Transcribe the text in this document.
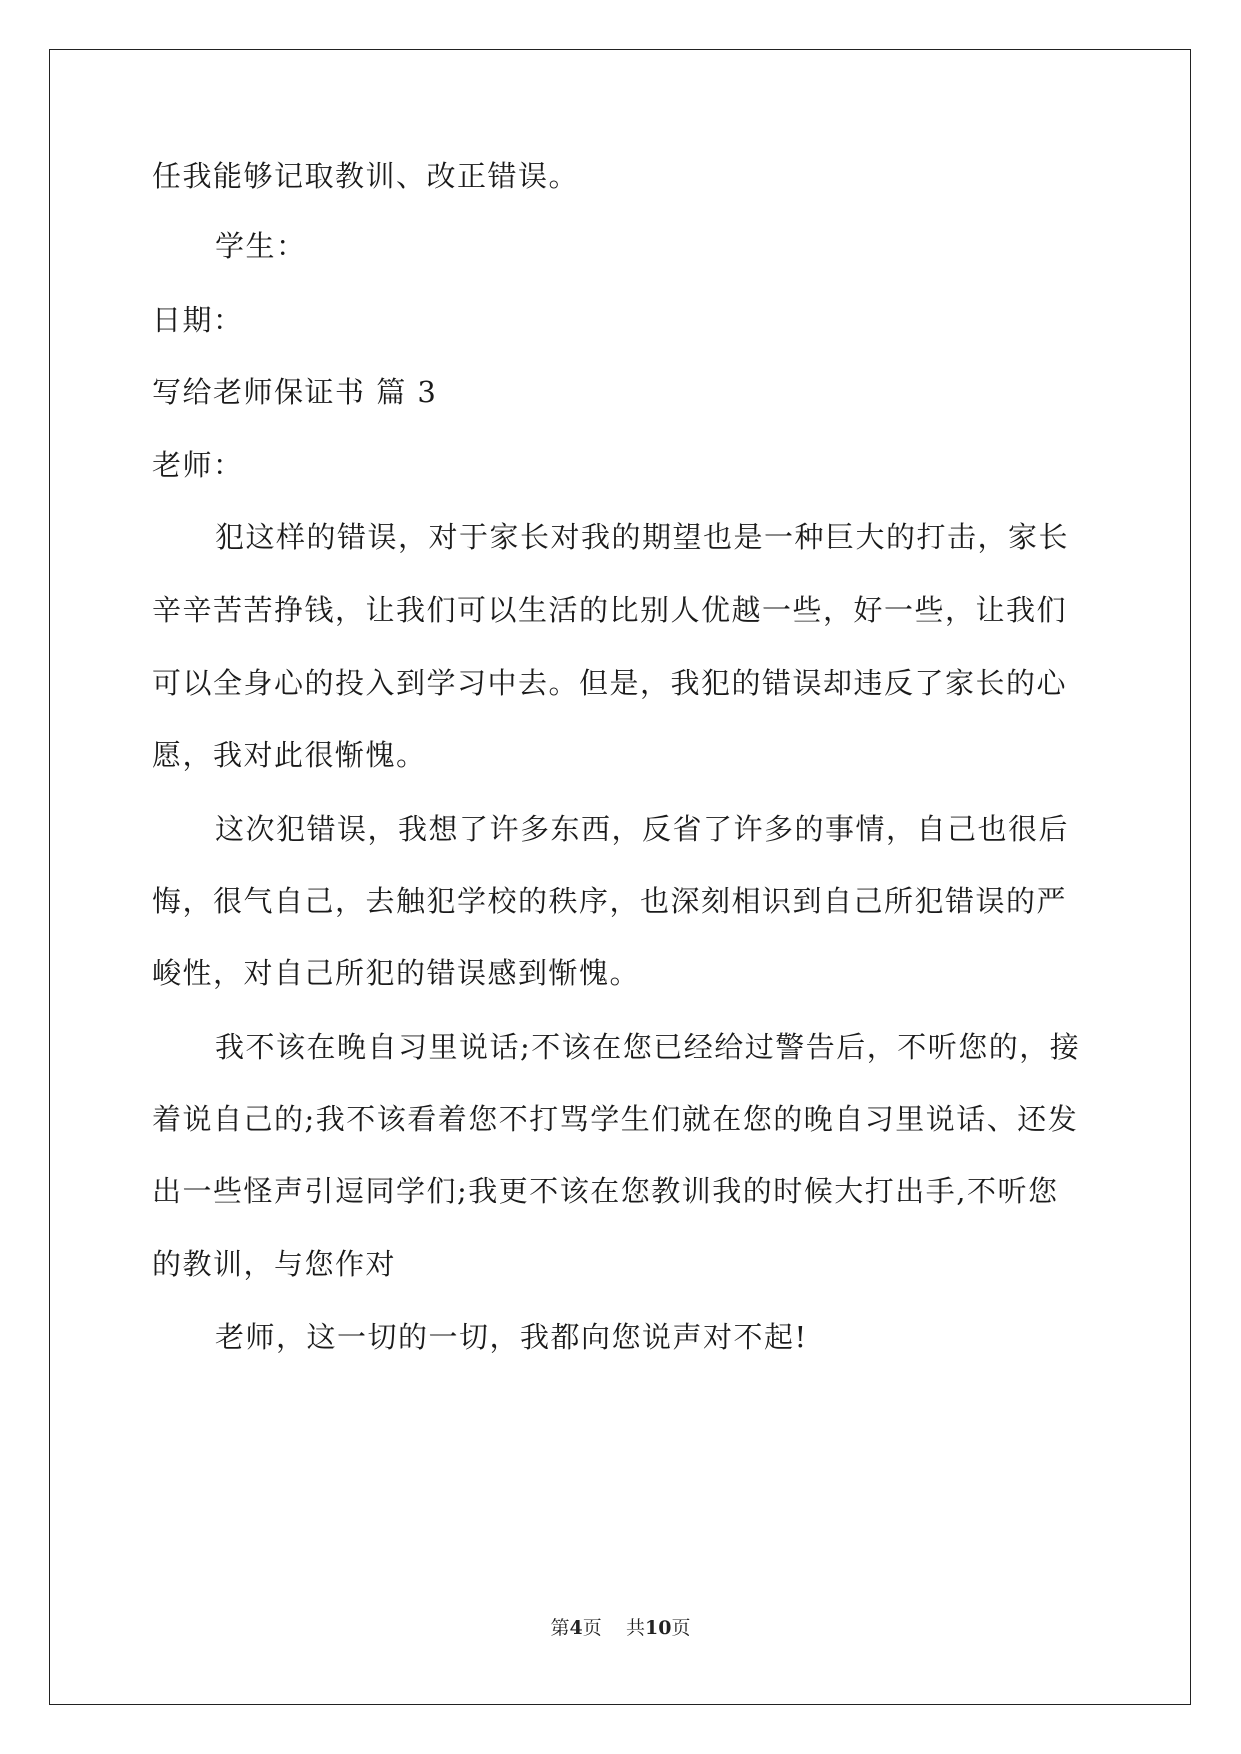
任我能够记取教训、改正错误。
学生：
日期：
写给老师保证书 篇 3
老师：
犯这样的错误，对于家长对我的期望也是一种巨大的打击，家长
辛辛苦苦挣钱，让我们可以生活的比别人优越一些，好一些，让我们
可以全身心的投入到学习中去。但是，我犯的错误却违反了家长的心
愿，我对此很惭愧。
这次犯错误，我想了许多东西，反省了许多的事情，自己也很后
悔，很气自己，去触犯学校的秩序，也深刻相识到自己所犯错误的严
峻性，对自己所犯的错误感到惭愧。
我不该在晚自习里说话;不该在您已经给过警告后，不听您的，接
着说自己的;我不该看着您不打骂学生们就在您的晚自习里说话、还发
出一些怪声引逗同学们;我更不该在您教训我的时候大打出手,不听您
的教训，与您作对
老师，这一切的一切，我都向您说声对不起!
第4页 共10页
